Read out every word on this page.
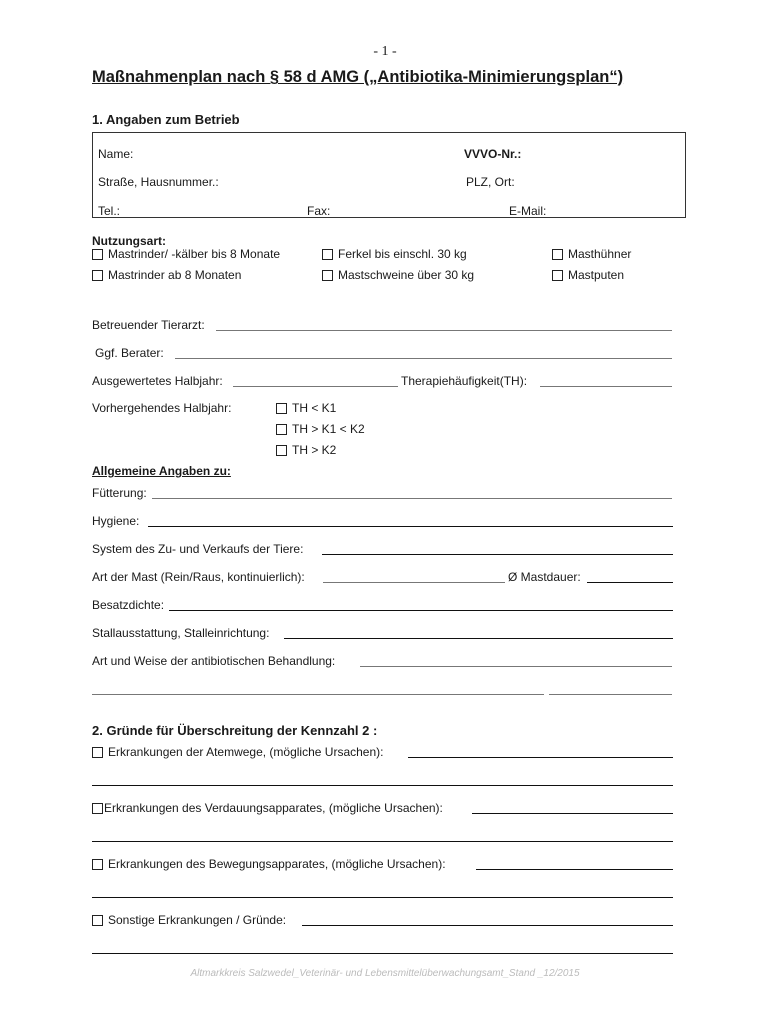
- 1 -
Maßnahmenplan nach § 58 d AMG („Antibiotika-Minimierungsplan“)
1. Angaben zum Betrieb
Name:	VVVO-Nr.:
Straße, Hausnummer.:	PLZ, Ort:
Tel.:	Fax:	E-Mail:
Nutzungsart:
Mastrinder/ -kälber bis 8 Monate	Ferkel bis einschl. 30 kg	Masthühner
Mastrinder ab 8 Monaten	Mastschweine über 30 kg	Mastputen
Betreuender Tierarzt:
Ggf. Berater:
Ausgewertetes Halbjahr:	Therapiehäufigkeit(TH):
Vorhergehendes Halbjahr:	TH < K1
TH > K1 < K2
TH > K2
Allgemeine Angaben zu:
Fütterung:
Hygiene:
System des Zu- und Verkaufs der Tiere:
Art der Mast (Rein/Raus, kontinuierlich):	Ø Mastdauer:
Besatzdichte:
Stallausstattung, Stalleinrichtung:
Art und Weise der antibiotischen Behandlung:
2. Gründe für Überschreitung der Kennzahl 2 :
Erkrankungen der Atemwege, (mögliche Ursachen):
Erkrankungen des Verdauungsapparates, (mögliche Ursachen):
Erkrankungen des Bewegungsapparates, (mögliche Ursachen):
Sonstige Erkrankungen / Gründe:
Altmarkkreis Salzwedel_Veterinär- und Lebensmittelüberwachungsamt_Stand _12/2015
